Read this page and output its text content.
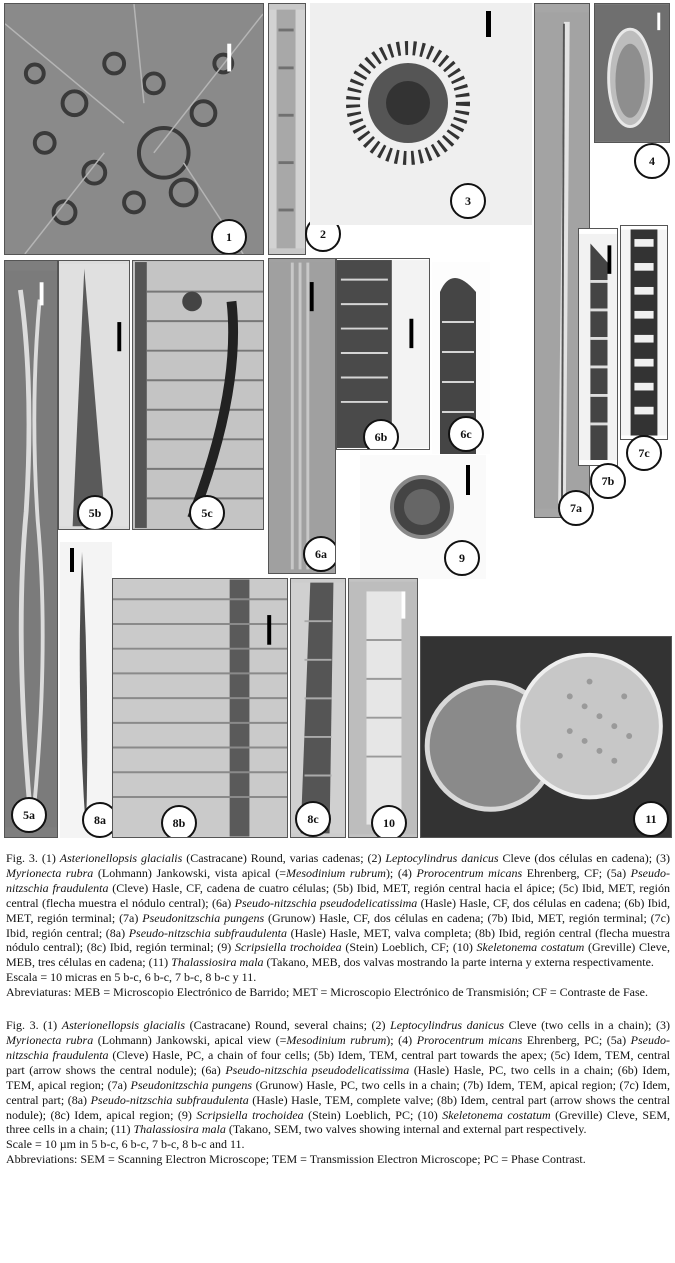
1	2
3
4
7b
7c
7a
5a
5b	5c
6a
6b	6c
9
8a	8b	8c	10	11

Fig. 3. (1) Asterionellopsis glacialis (Castracane) Round, varias cadenas; (2) Leptocylindrus danicus Cleve (dos células en cadena); (3) Myrionecta rubra (Lohmann) Jankowski, vista apical (=Mesodinium rubrum); (4) Prorocentrum micans Ehrenberg, CF; (5a) Pseudo-nitzschia fraudulenta (Cleve) Hasle, CF, cadena de cuatro células; (5b) Ibid, MET, región central hacia el ápice; (5c) Ibid, MET, región central (flecha muestra el nódulo central); (6a) Pseudo-nitzschia pseudodelicatissima (Hasle) Hasle, CF, dos células en cadena; (6b) Ibid, MET, región terminal; (7a) Pseudonitzschia pungens (Grunow) Hasle, CF, dos células en cadena; (7b) Ibid, MET, región terminal; (7c) Ibid, región central; (8a) Pseudo-nitzschia subfraudulenta (Hasle) Hasle, MET, valva completa; (8b) Ibid, región central (flecha muestra nódulo central); (8c) Ibid, región terminal; (9) Scripsiella trochoidea (Stein) Loeblich, CF; (10) Skeletonema costatum (Greville) Cleve, MEB, tres células en cadena; (11) Thalassiosira mala (Takano, MEB, dos valvas mostrando la parte interna y externa respectivamente.

Escala = 10 micras en 5 b-c, 6 b-c, 7 b-c, 8 b-c y 11.

Abreviaturas: MEB = Microscopio Electrónico de Barrido; MET = Microscopio Electrónico de Transmisión; CF = Contraste de Fase.

Fig. 3. (1) Asterionellopsis glacialis (Castracane) Round, several chains; (2) Leptocylindrus danicus Cleve (two cells in a chain); (3) Myrionecta rubra (Lohmann) Jankowski, apical view (=Mesodinium rubrum); (4) Prorocentrum micans Ehrenberg, PC; (5a) Pseudo-nitzschia fraudulenta (Cleve) Hasle, PC, a chain of four cells; (5b) Idem, TEM, central part towards the apex; (5c) Idem, TEM, central part (arrow shows the central nodule); (6a) Pseudo-nitzschia pseudodelicatissima (Hasle) Hasle, PC, two cells in a chain; (6b) Idem, TEM, apical region; (7a) Pseudonitzschia pungens (Grunow) Hasle, PC, two cells in a chain; (7b) Idem, TEM, apical region; (7c) Idem, central part; (8a) Pseudo-nitzschia subfraudulenta (Hasle) Hasle, TEM, complete valve; (8b) Idem, central part (arrow shows the central nodule); (8c) Idem, apical region; (9) Scripsiella trochoidea (Stein) Loeblich, PC; (10) Skeletonema costatum (Greville) Cleve, SEM, three cells in a chain; (11) Thalassiosira mala (Takano, SEM, two valves showing internal and external part respectively.

Scale = 10 µm in 5 b-c, 6 b-c, 7 b-c, 8 b-c and 11.

Abbreviations: SEM = Scanning Electron Microscope; TEM = Transmission Electron Microscope; PC = Phase Contrast.
